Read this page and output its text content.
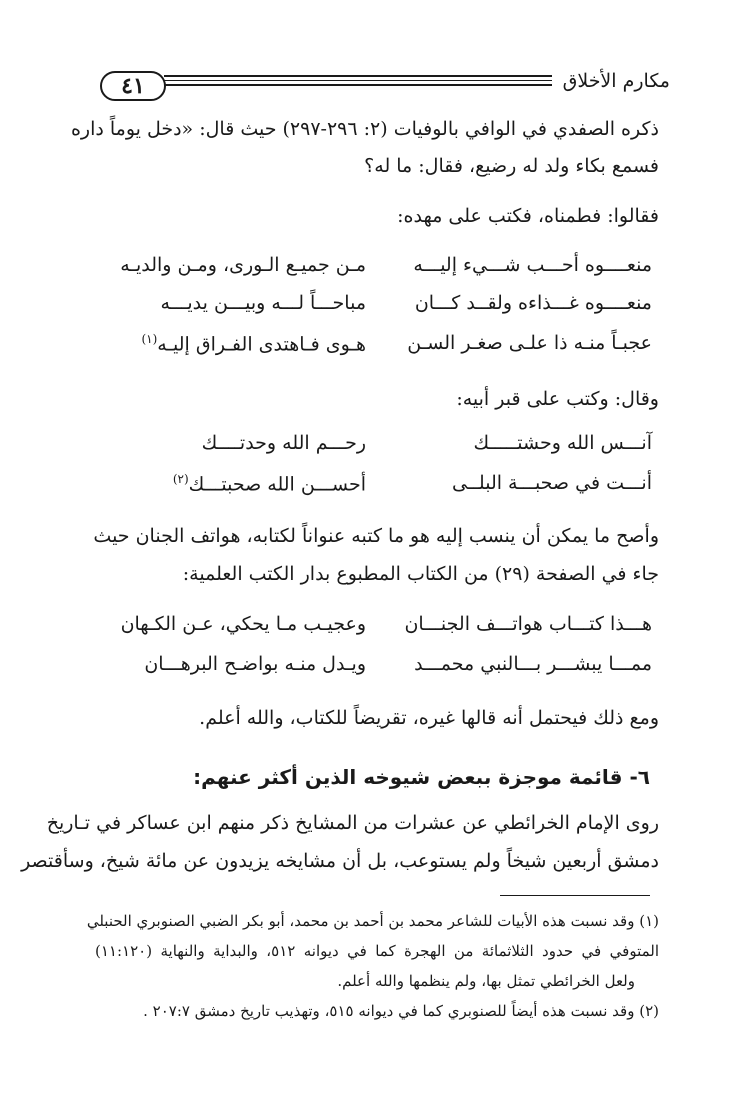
٤١	مكارم الأخلاق
ذكره الصفدي في الوافي بالوفيات (٢: ٢٩٦-٢٩٧) حيث قال: «دخل يوماً داره
فسمع بكاء ولد له رضيع، فقال: ما له؟
فقالوا: فطمناه، فكتب على مهده:
منعــــوه أحـــب شـــيء إليـــه
مـن جميـع الـورى، ومـن والديـه
منعــــوه غـــذاءه ولقــد كـــان
مباحـــاً لـــه وبيـــن يديـــه
عجبـاً منـه ذا علـى صغـر السـن
هـوى فـاهتدى الفـراق إليـه$^{(١)}$
وقال: وكتب على قبر أبيه:
آنـــس الله وحشتـــــك
رحـــم الله وحدتــــك
أنـــت في صحبـــة البلــى
أحســـن الله صحبتـــك$^{(٢)}$
وأصح ما يمكن أن ينسب إليه هو ما كتبه عنواناً لكتابه، هواتف الجنان حيث
جاء في الصفحة (٢٩) من الكتاب المطبوع بدار الكتب العلمية:
هـــذا كتـــاب هواتـــف الجنـــان
وعجيـب مـا يحكي، عـن الكـهان
ممـــا يبشـــر بـــالنبي محمـــد
ويـدل منـه بواضـح البرهـــان
ومع ذلك فيحتمل أنه قالها غيره، تقريضاً للكتاب، والله أعلم.
٦- قائمة موجزة ببعض شيوخه الذين أكثر عنهم:
روى الإمام الخرائطي عن عشرات من المشايخ ذكر منهم ابن عساكر في تـاريخ
دمشق أربعين شيخاً ولم يستوعب، بل أن مشايخه يزيدون عن مائة شيخ، وسأقتصر
(١) وقد نسبت هذه الأبيات للشاعر محمد بن أحمد بن محمد، أبو بكر الضبي الصنوبري الحنبلي
المتوفي في حدود الثلاثمائة من الهجرة كما في ديوانه ٥١٢، والبداية والنهاية (١١:١٢٠)
ولعل الخرائطي تمثل بها، ولم ينظمها والله أعلم.
(٢) وقد نسبت هذه أيضاً للصنوبري كما في ديوانه ٥١٥، وتهذيب تاريخ دمشق ٢٠٧:٧ .
